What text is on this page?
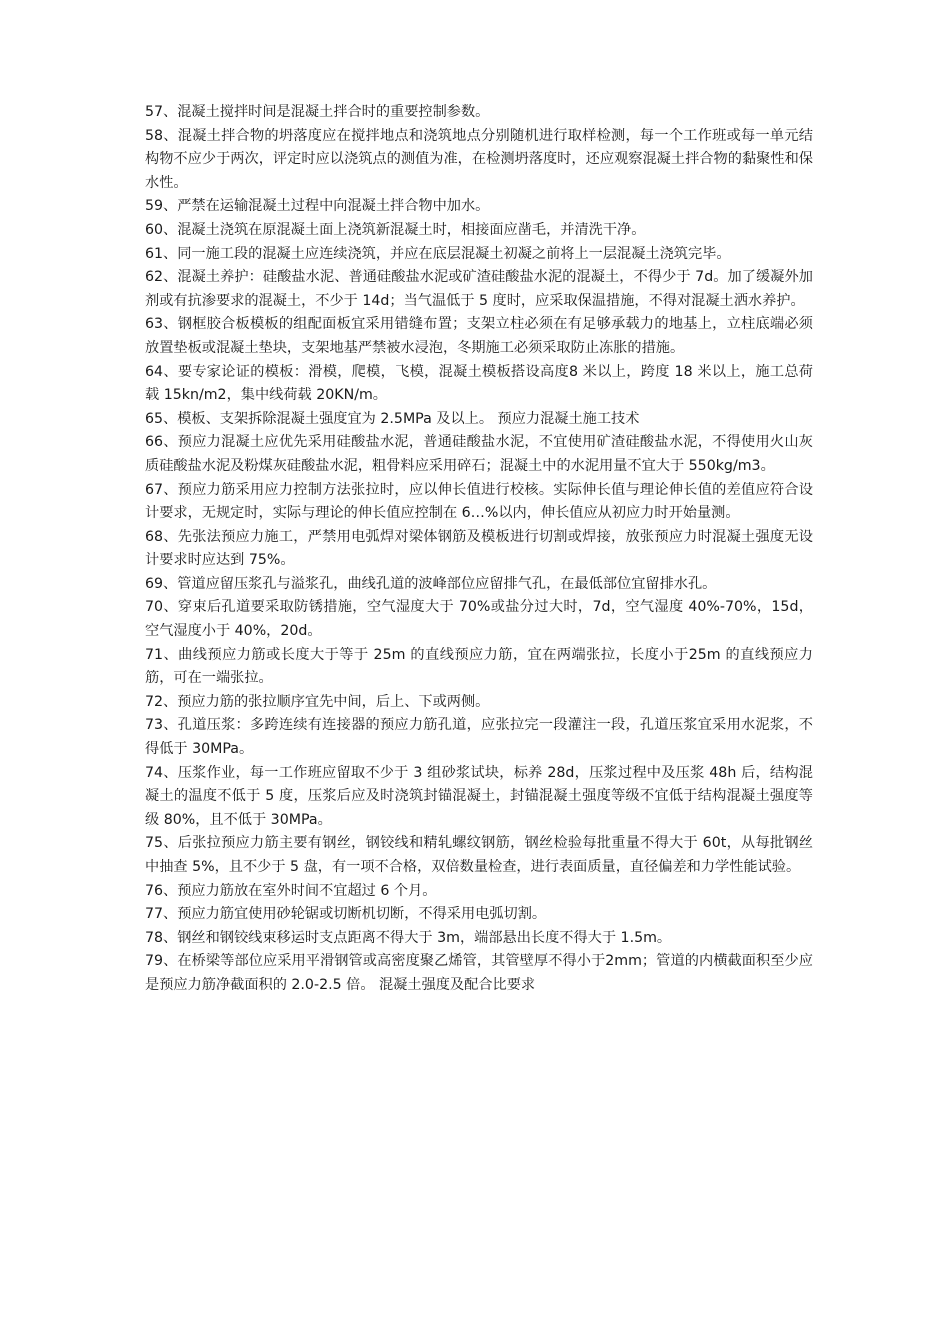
57、混凝土搅拌时间是混凝土拌合时的重要控制参数。

58、混凝土拌合物的坍落度应在搅拌地点和浇筑地点分别随机进行取样检测，每一个工作班或每一单元结构物不应少于两次，评定时应以浇筑点的测值为准，在检测坍落度时，还应观察混凝土拌合物的黏聚性和保水性。

59、严禁在运输混凝土过程中向混凝土拌合物中加水。

60、混凝土浇筑在原混凝土面上浇筑新混凝土时，相接面应凿毛，并清洗干净。

61、同一施工段的混凝土应连续浇筑，并应在底层混凝土初凝之前将上一层混凝土浇筑完毕。

62、混凝土养护：硅酸盐水泥、普通硅酸盐水泥或矿渣硅酸盐水泥的混凝土，不得少于 7d。加了缓凝外加剂或有抗渗要求的混凝土，不少于 14d；当气温低于 5 度时，应采取保温措施，不得对混凝土洒水养护。

63、钢框胶合板模板的组配面板宜采用错缝布置；支架立柱必须在有足够承载力的地基上，立柱底端必须放置垫板或混凝土垫块，支架地基严禁被水浸泡，冬期施工必须采取防止冻胀的措施。

64、要专家论证的模板：滑模，爬模，飞模，混凝土模板搭设高度8 米以上，跨度 18 米以上，施工总荷载 15kn/m2，集中线荷载 20KN/m。

65、模板、支架拆除混凝土强度宜为 2.5MPa 及以上。 预应力混凝土施工技术

66、预应力混凝土应优先采用硅酸盐水泥，普通硅酸盐水泥，不宜使用矿渣硅酸盐水泥，不得使用火山灰质硅酸盐水泥及粉煤灰硅酸盐水泥，粗骨料应采用碎石；混凝土中的水泥用量不宜大于 550kg/m3。

67、预应力筋采用应力控制方法张拉时，应以伸长值进行校核。实际伸长值与理论伸长值的差值应符合设计要求，无规定时，实际与理论的伸长值应控制在 6…%以内，伸长值应从初应力时开始量测。

68、先张法预应力施工，严禁用电弧焊对梁体钢筋及模板进行切割或焊接，放张预应力时混凝土强度无设计要求时应达到 75%。

69、管道应留压浆孔与溢浆孔，曲线孔道的波峰部位应留排气孔，在最低部位宜留排水孔。

70、穿束后孔道要采取防锈措施，空气湿度大于 70%或盐分过大时，7d，空气湿度 40%-70%，15d，空气湿度小于 40%，20d。

71、曲线预应力筋或长度大于等于 25m 的直线预应力筋，宜在两端张拉，长度小于25m 的直线预应力筋，可在一端张拉。

72、预应力筋的张拉顺序宜先中间，后上、下或两侧。

73、孔道压浆：多跨连续有连接器的预应力筋孔道，应张拉完一段灌注一段，孔道压浆宜采用水泥浆，不得低于 30MPa。

74、压浆作业，每一工作班应留取不少于 3 组砂浆试块，标养 28d，压浆过程中及压浆 48h 后，结构混凝土的温度不低于 5 度，压浆后应及时浇筑封锚混凝土，封锚混凝土强度等级不宜低于结构混凝土强度等级 80%，且不低于 30MPa。

75、后张拉预应力筋主要有钢丝，钢铰线和精轧螺纹钢筋，钢丝检验每批重量不得大于 60t，从每批钢丝中抽查 5%，且不少于 5 盘，有一项不合格，双倍数量检查，进行表面质量，直径偏差和力学性能试验。

76、预应力筋放在室外时间不宜超过 6 个月。

77、预应力筋宜使用砂轮锯或切断机切断，不得采用电弧切割。

78、钢丝和钢铰线束移运时支点距离不得大于 3m，端部悬出长度不得大于 1.5m。

79、在桥梁等部位应采用平滑钢管或高密度聚乙烯管，其管壁厚不得小于2mm；管道的内横截面积至少应是预应力筋净截面积的 2.0-2.5 倍。 混凝土强度及配合比要求
